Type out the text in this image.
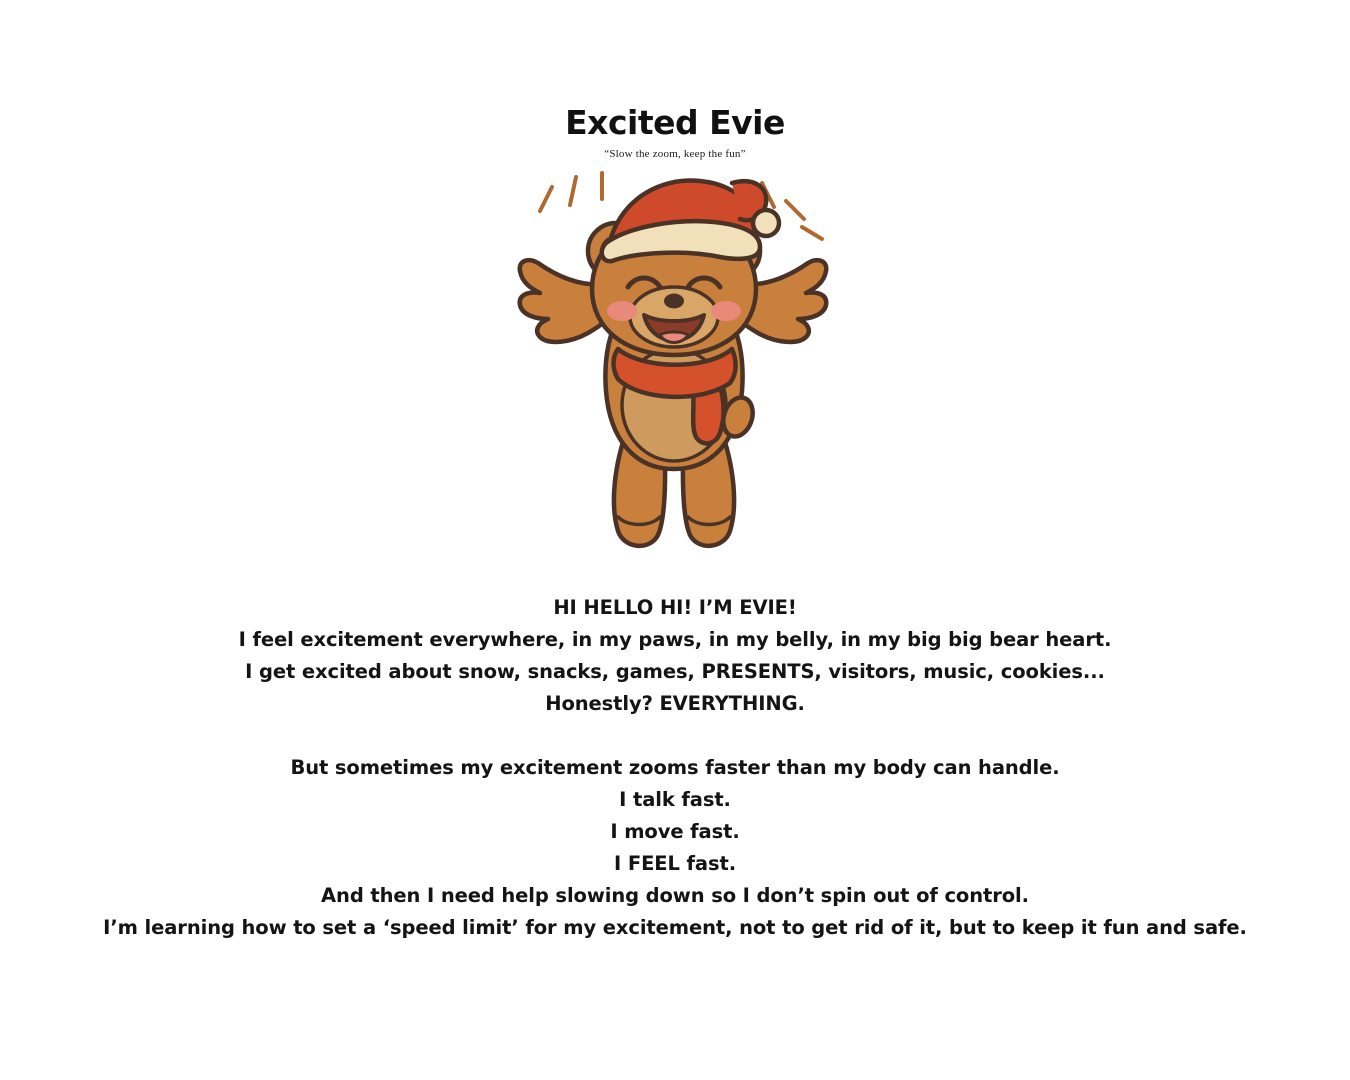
Excited Evie
“Slow the zoom, keep the fun”
HI HELLO HI! I’M EVIE!
I feel excitement everywhere, in my paws, in my belly, in my big big bear heart.
I get excited about snow, snacks, games, PRESENTS, visitors, music, cookies...
Honestly? EVERYTHING.
But sometimes my excitement zooms faster than my body can handle.
I talk fast.
I move fast.
I FEEL fast.
And then I need help slowing down so I don’t spin out of control.
I’m learning how to set a ‘speed limit’ for my excitement, not to get rid of it, but to keep it fun and safe.
